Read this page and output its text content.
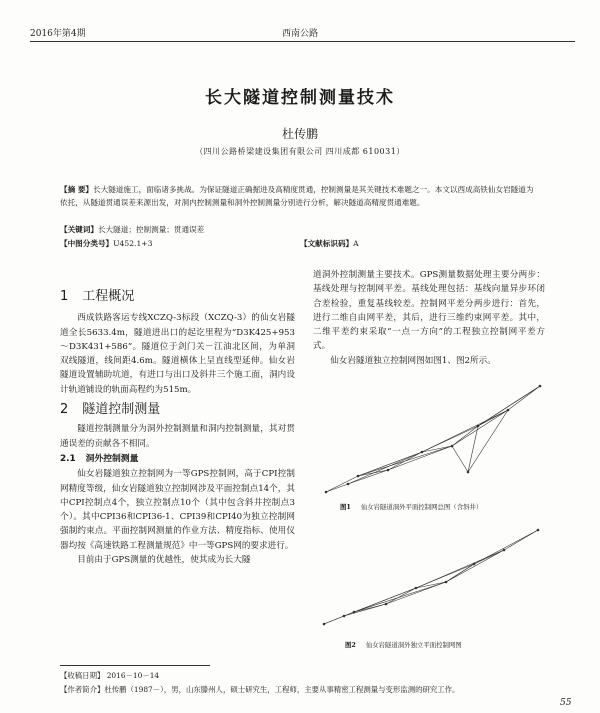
2016年第4期	西南公路
长大隧道控制测量技术
杜传鹏
（四川公路桥梁建设集团有限公司 四川成都 610031）
【摘 要】长大隧道施工，面临诸多挑战。为保证隧道正确掘进及高精度贯通，控制测量是其关键技术难题之一。本文以西成高铁仙女岩隧道为依托，从隧道贯通误差来源出发，对洞内控制测量和洞外控制测量分别进行分析，解决隧道高精度贯通难题。
【关键词】长大隧道；控制测量；贯通误差
【中图分类号】U452.1+3	【文献标识码】A
1 工程概况

西成铁路客运专线XCZQ-3标段（XCZQ-3）的仙女岩隧道全长5633.4m，隧道进出口的起讫里程为“D3K425+953～D3K431+586”。隧道位于剑门关－江油北区间，为单洞双线隧道，线间距4.6m。隧道横体上呈直线型延伸。仙女岩隧道设置辅助坑道，有进口与出口及斜井三个施工面，洞内设计轨道铺设的轨面高程约为515m。

2 隧道控制测量

隧道控制测量分为洞外控制测量和洞内控制测量，其对贯通误差的贡献各不相同。

2.1 洞外控制测量

仙女岩隧道独立控制网为一等GPS控制网，高于CPI控制网精度等级，仙女岩隧道独立控制网涉及平面控制点14个，其中CPI控制点4个，独立控制点10个（其中包含斜井控制点3个）。其中CPI36和CPI36-1、CPI39和CPI40为独立控制网强制约束点。平面控制网测量的作业方法、精度指标、使用仪器均按《高速铁路工程测量规范》中一等GPS网的要求进行。

目前由于GPS测量的优越性，使其成为长大隧

道洞外控制测量主要技术。GPS测量数据处理主要分两步：基线处理与控制网平差。基线处理包括：基线向量异步环闭合差检验，重复基线较差。控制网平差分两步进行：首先，进行二维自由网平差，其后，进行三维约束网平差。其中，二维平差约束采取“一点一方向”的工程独立控制网平差方式。

仙女岩隧道独立控制网图如图1、图2所示。

图1 仙女岩隧道洞外平面控制网总图（含斜井）
图2 仙女岩隧道洞外独立平面控制网图
【收稿日期】 2016－10－14
【作者简介】杜传鹏（1987－），男，山东滕州人，硕士研究生，工程师，主要从事精密工程测量与变形监测的研究工作。
55
